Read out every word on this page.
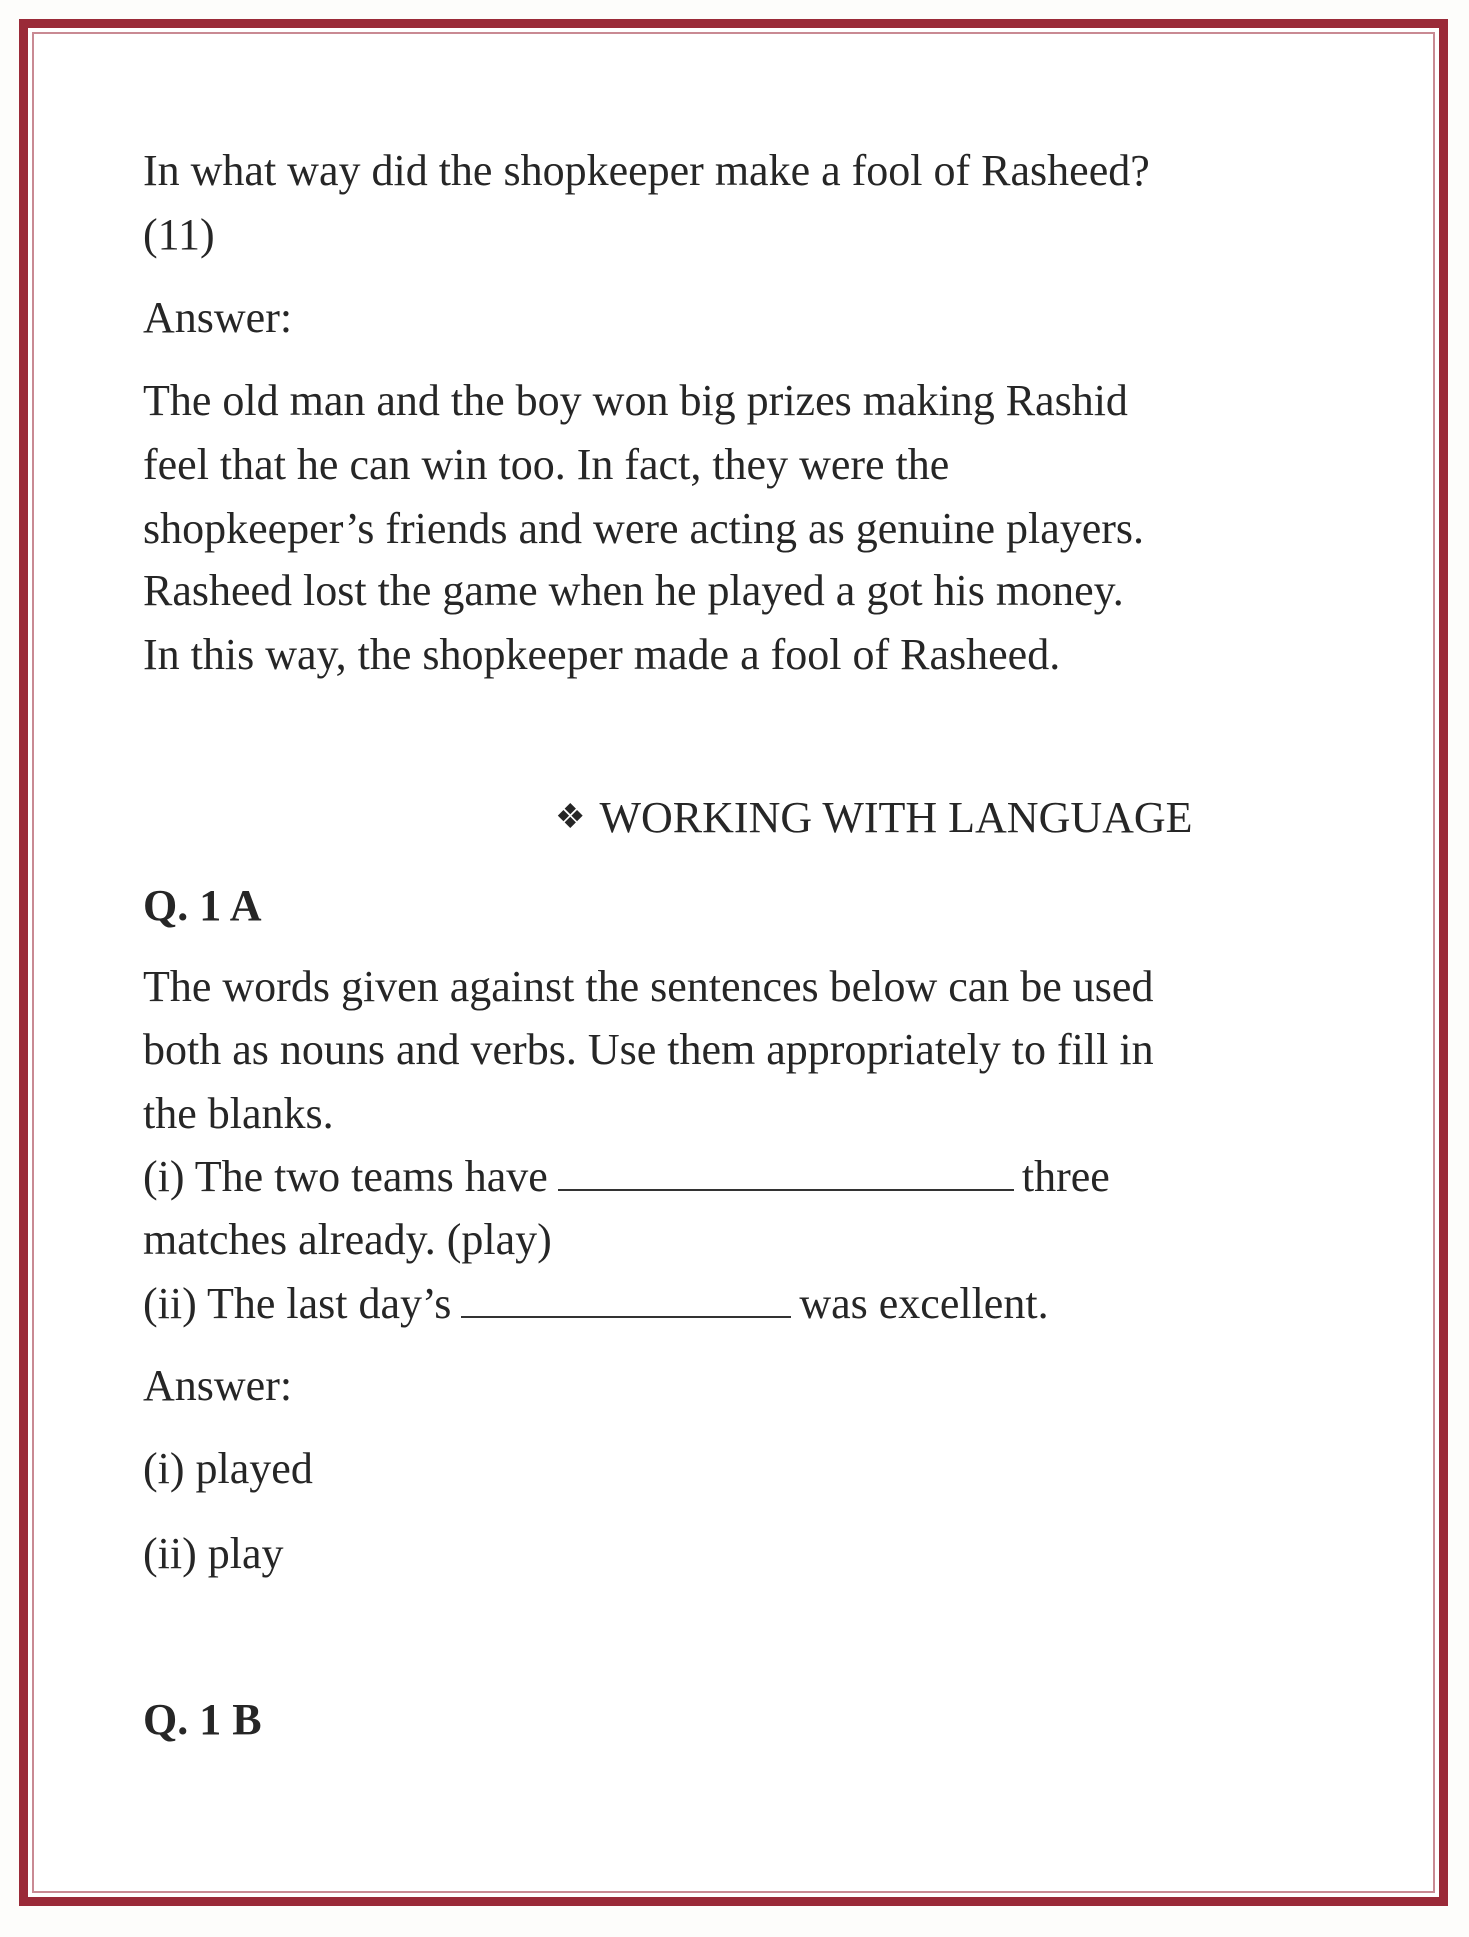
In what way did the shopkeeper make a fool of Rasheed?
(11)
Answer:
The old man and the boy won big prizes making Rashid
feel that he can win too. In fact, they were the
shopkeeper’s friends and were acting as genuine players.
Rasheed lost the game when he played a got his money.
In this way, the shopkeeper made a fool of Rasheed.
❖ WORKING WITH LANGUAGE
Q. 1 A
The words given against the sentences below can be used
both as nouns and verbs. Use them appropriately to fill in
the blanks.
(i) The two teams have	three
matches already. (play)
(ii) The last day’s	was excellent.
Answer:
(i) played
(ii) play
Q. 1 B
